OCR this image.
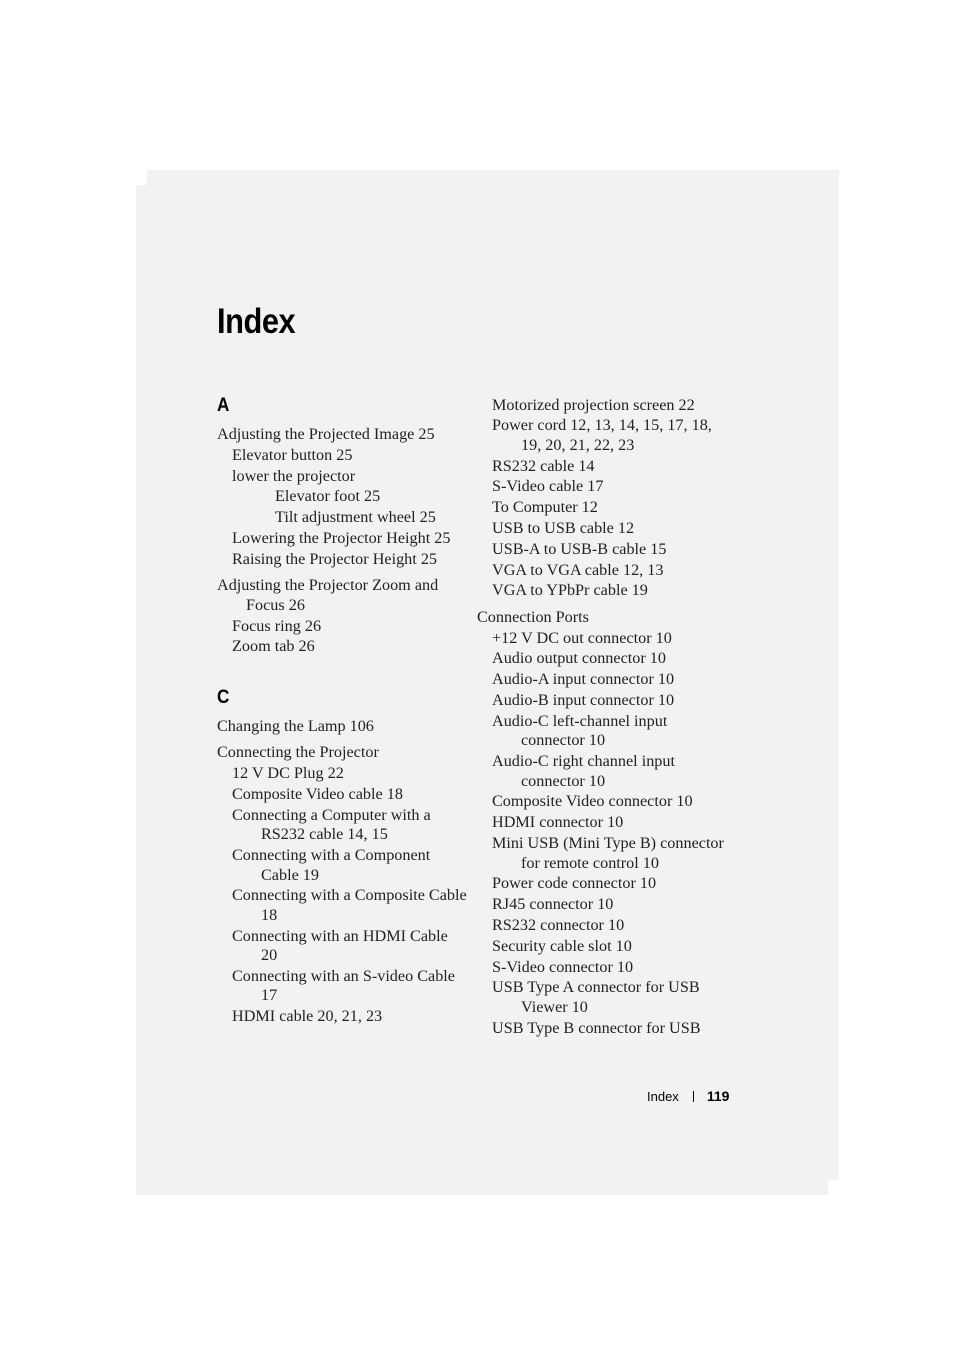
Index
A
Adjusting the Projected Image 25
Elevator button 25
lower the projector
Elevator foot 25
Tilt adjustment wheel 25
Lowering the Projector Height 25
Raising the Projector Height 25
Adjusting the Projector Zoom and Focus 26
Focus ring 26
Zoom tab 26
C
Changing the Lamp 106
Connecting the Projector
12 V DC Plug 22
Composite Video cable 18
Connecting a Computer with a RS232 cable 14, 15
Connecting with a Component Cable 19
Connecting with a Composite Cable 18
Connecting with an HDMI Cable 20
Connecting with an S-video Cable 17
HDMI cable 20, 21, 23
Motorized projection screen 22
Power cord 12, 13, 14, 15, 17, 18, 19, 20, 21, 22, 23
RS232 cable 14
S-Video cable 17
To Computer 12
USB to USB cable 12
USB-A to USB-B cable 15
VGA to VGA cable 12, 13
VGA to YPbPr cable 19
Connection Ports
+12 V DC out connector 10
Audio output connector 10
Audio-A input connector 10
Audio-B input connector 10
Audio-C left-channel input connector 10
Audio-C right channel input connector 10
Composite Video connector 10
HDMI connector 10
Mini USB (Mini Type B) connector for remote control 10
Power code connector 10
RJ45 connector 10
RS232 connector 10
Security cable slot 10
S-Video connector 10
USB Type A connector for USB Viewer 10
USB Type B connector for USB
Index 119
